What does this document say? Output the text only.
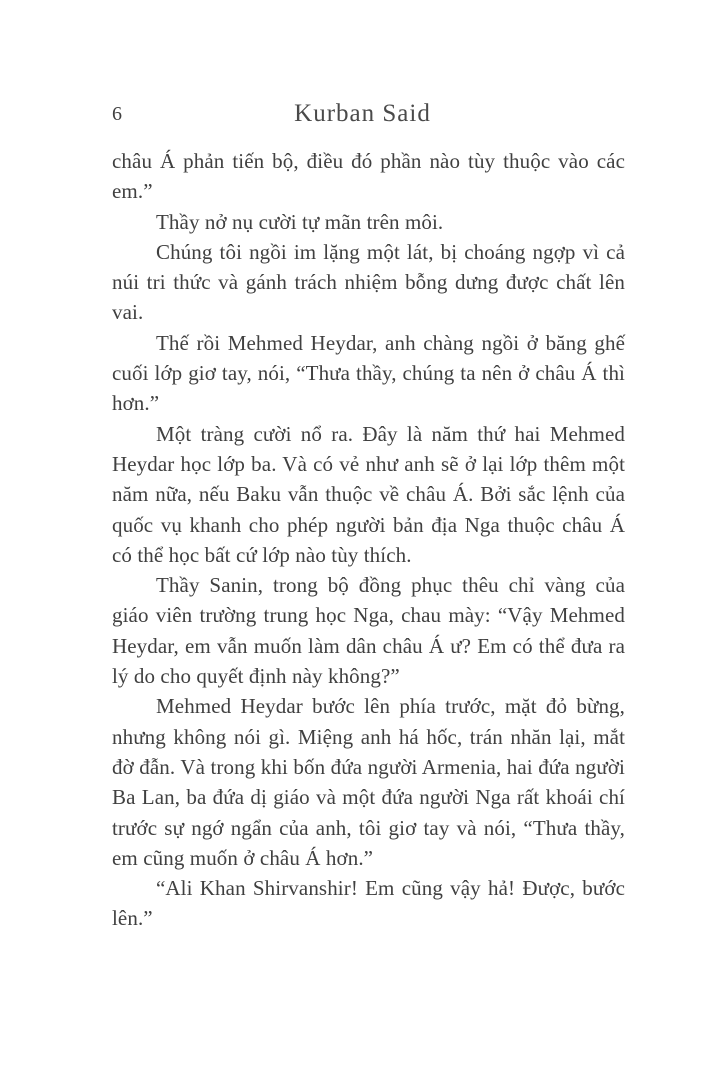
6	Kurban Said

châu Á phản tiến bộ, điều đó phần nào tùy thuộc vào các em.”

Thầy nở nụ cười tự mãn trên môi.

Chúng tôi ngồi im lặng một lát, bị choáng ngợp vì cả núi tri thức và gánh trách nhiệm bỗng dưng được chất lên vai.

Thế rồi Mehmed Heydar, anh chàng ngồi ở băng ghế cuối lớp giơ tay, nói, “Thưa thầy, chúng ta nên ở châu Á thì hơn.”

Một tràng cười nổ ra. Đây là năm thứ hai Mehmed Heydar học lớp ba. Và có vẻ như anh sẽ ở lại lớp thêm một năm nữa, nếu Baku vẫn thuộc về châu Á. Bởi sắc lệnh của quốc vụ khanh cho phép người bản địa Nga thuộc châu Á có thể học bất cứ lớp nào tùy thích.

Thầy Sanin, trong bộ đồng phục thêu chỉ vàng của giáo viên trường trung học Nga, chau mày: “Vậy Mehmed Heydar, em vẫn muốn làm dân châu Á ư? Em có thể đưa ra lý do cho quyết định này không?”

Mehmed Heydar bước lên phía trước, mặt đỏ bừng, nhưng không nói gì. Miệng anh há hốc, trán nhăn lại, mắt đờ đẫn. Và trong khi bốn đứa người Armenia, hai đứa người Ba Lan, ba đứa dị giáo và một đứa người Nga rất khoái chí trước sự ngớ ngẩn của anh, tôi giơ tay và nói, “Thưa thầy, em cũng muốn ở châu Á hơn.”

“Ali Khan Shirvanshir! Em cũng vậy hả! Được, bước lên.”
